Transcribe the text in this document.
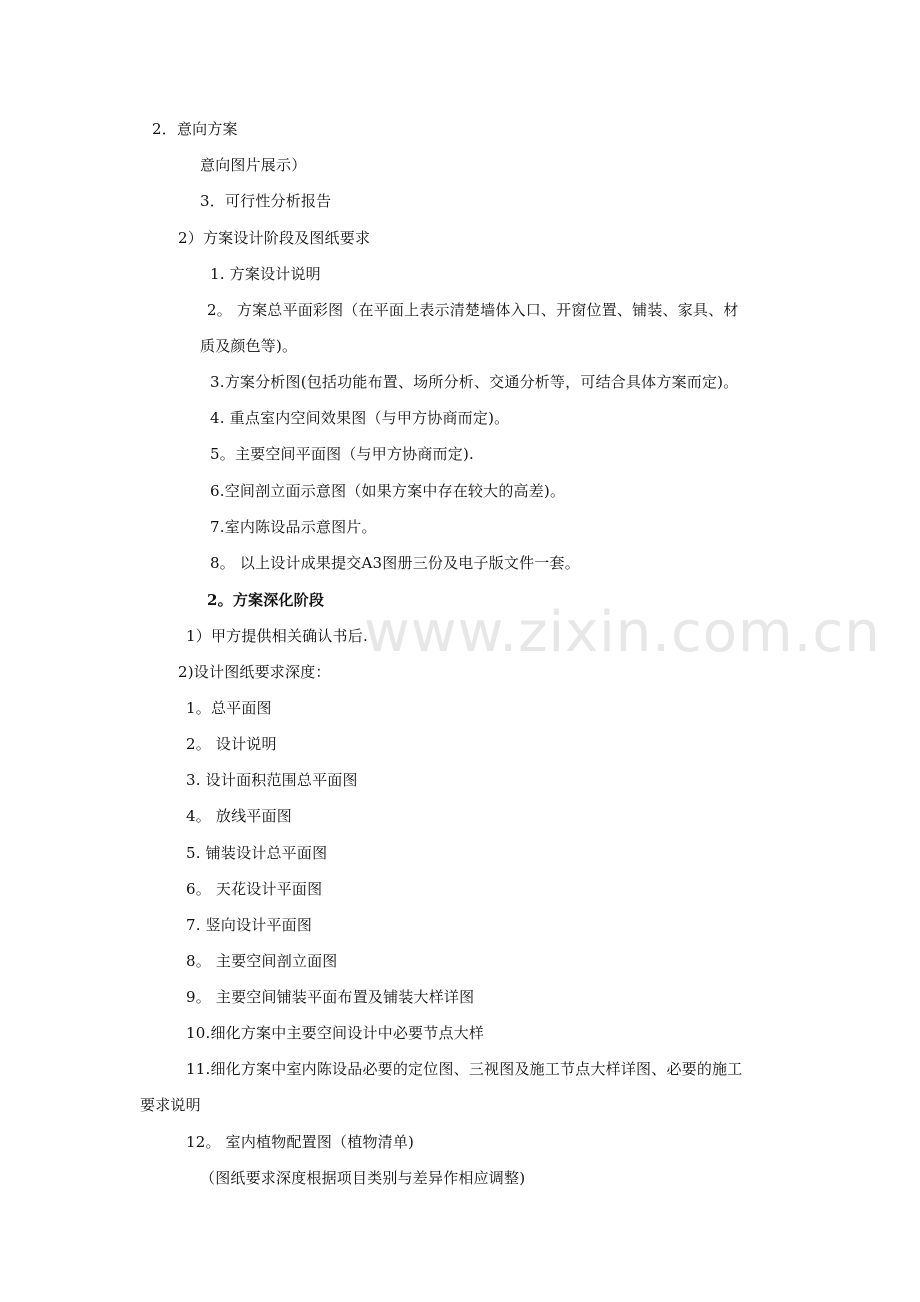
www.zixin.com.cn

2．意向方案

意向图片展示）

3．可行性分析报告

2）方案设计阶段及图纸要求

1. 方案设计说明

2。 方案总平面彩图（在平面上表示清楚墙体入口、开窗位置、铺装、家具、材

质及颜色等)。

3.方案分析图(包括功能布置、场所分析、交通分析等，可结合具体方案而定)。

4. 重点室内空间效果图（与甲方协商而定)。

5。主要空间平面图（与甲方协商而定).

6.空间剖立面示意图（如果方案中存在较大的高差)。

7.室内陈设品示意图片。

8。 以上设计成果提交A3图册三份及电子版文件一套。

2。方案深化阶段

1）甲方提供相关确认书后.

2)设计图纸要求深度：

1。总平面图

2。 设计说明

3. 设计面积范围总平面图

4。 放线平面图

5. 铺装设计总平面图

6。 天花设计平面图

7. 竖向设计平面图

8。 主要空间剖立面图

9。 主要空间铺装平面布置及铺装大样详图

10.细化方案中主要空间设计中必要节点大样

11.细化方案中室内陈设品必要的定位图、三视图及施工节点大样详图、必要的施工

要求说明

12。 室内植物配置图（植物清单)

（图纸要求深度根据项目类别与差异作相应调整)
